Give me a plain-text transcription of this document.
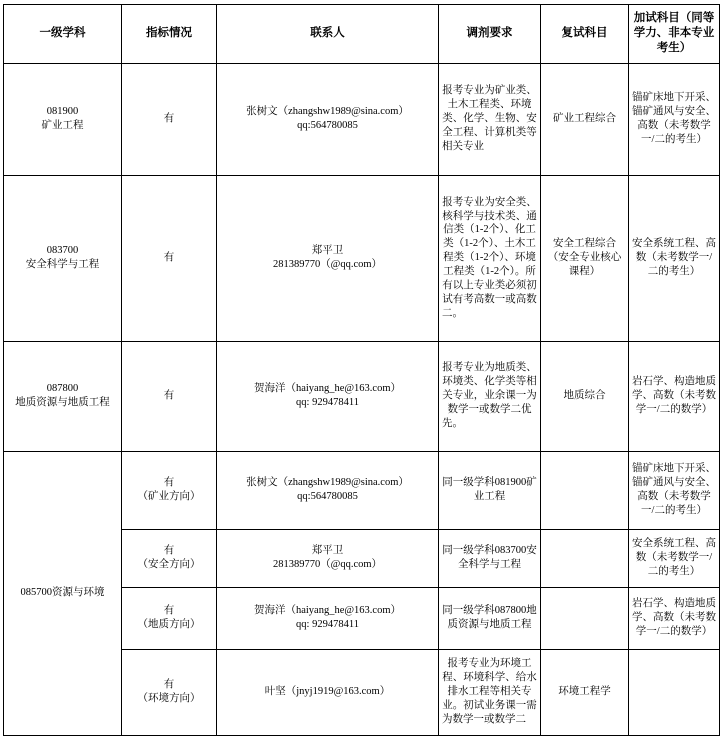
一级学科	指标情况	联系人	调剂要求	复试科目	加试科目（同等学力、非本专业考生）

081900
矿业工程	有	张树文（zhangshw1989@sina.com）qq:564780085	报考专业为矿业类、土木工程类、环境类、化学、生物、安全工程、计算机类等相关专业	矿业工程综合	锚矿床地下开采、锚矿通风与安全、高数（未考数学一/二的考生）

083700
安全科学与工程	有	郑平卫
281389770（@qq.com）	报考专业为安全类、核科学与技术类、通信类（1-2个）、化工类（1-2个）、土木工程类（1-2个）、环境工程类（1-2个）。所有以上专业类必须初试有考高数一或高数二。	安全工程综合（安全专业核心课程）	安全系统工程、高数（未考数学一/二的考生）

087800
地质资源与地质工程	有	贺海洋（haiyang_he@163.com）
qq: 929478411	报考专业为地质类、环境类、化学类等相关专业，业余课一为数学一或数学二优先。	地质综合	岩石学、构造地质学、高数（未考数学一/二的数学）

085700资源与环境	有
（矿业方向）	张树文（zhangshw1989@sina.com）
qq:564780085	同一级学科081900矿业工程		锚矿床地下开采、锚矿通风与安全、高数（未考数学一/二的考生）

	有
（安全方向）	郑平卫
281389770（@qq.com）	同一级学科083700安全科学与工程		安全系统工程、高数（未考数学一/二的考生）

	有
（地质方向）	贺海洋（haiyang_he@163.com）
qq: 929478411	同一级学科087800地质资源与地质工程		岩石学、构造地质学、高数（未考数学一/二的数学）

	有
（环境方向）	叶坚（jnyj1919@163.com）	报考专业为环境工程、环境科学、给水排水工程等相关专业。初试业务课一需为数学一或数学二	环境工程学	
